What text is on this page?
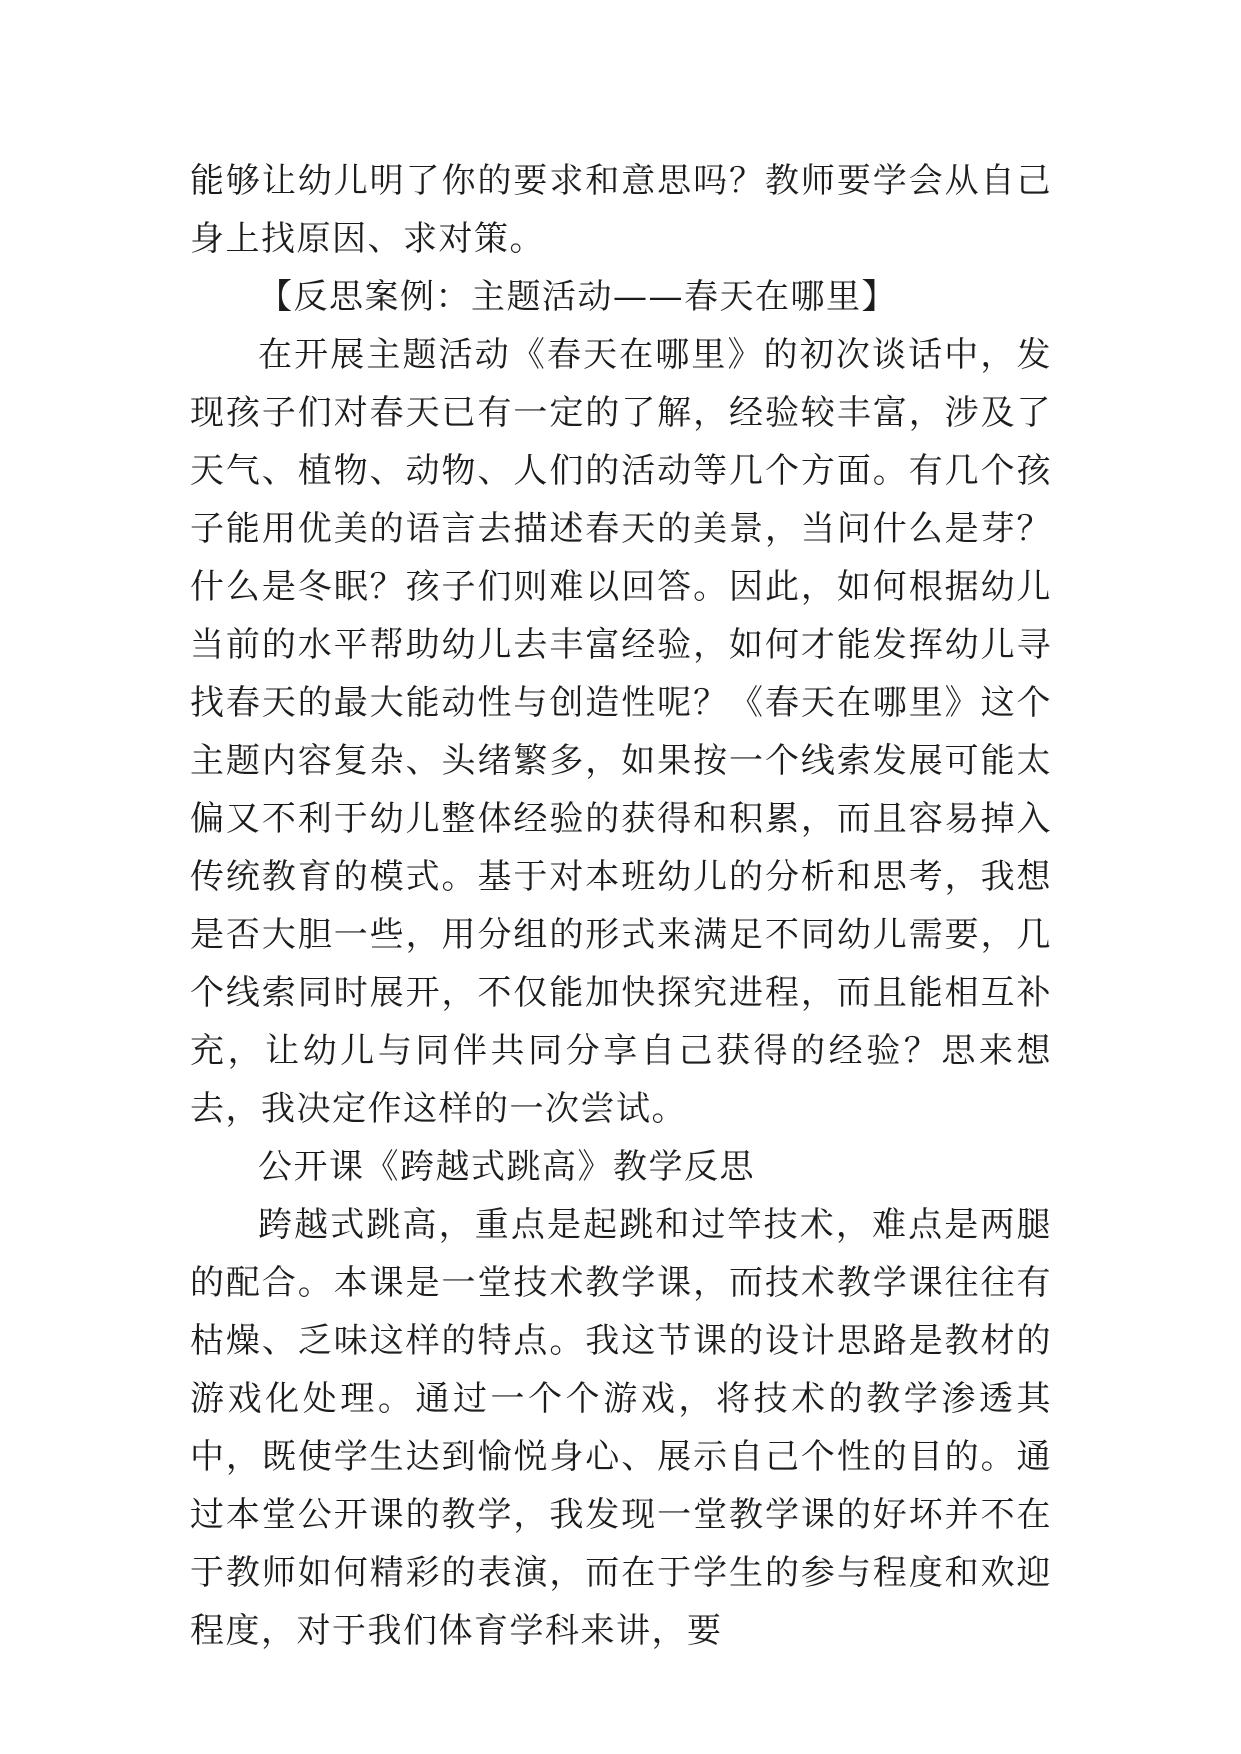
能够让幼儿明了你的要求和意思吗？教师要学会从自己身上找原因、求对策。

【反思案例：主题活动——春天在哪里】

在开展主题活动《春天在哪里》的初次谈话中，发现孩子们对春天已有一定的了解，经验较丰富，涉及了天气、植物、动物、人们的活动等几个方面。有几个孩子能用优美的语言去描述春天的美景，当问什么是芽？什么是冬眠？孩子们则难以回答。因此，如何根据幼儿当前的水平帮助幼儿去丰富经验，如何才能发挥幼儿寻找春天的最大能动性与创造性呢？《春天在哪里》这个主题内容复杂、头绪繁多，如果按一个线索发展可能太偏又不利于幼儿整体经验的获得和积累，而且容易掉入传统教育的模式。基于对本班幼儿的分析和思考，我想是否大胆一些，用分组的形式来满足不同幼儿需要，几个线索同时展开，不仅能加快探究进程，而且能相互补充，让幼儿与同伴共同分享自己获得的经验？思来想去，我决定作这样的一次尝试。

公开课《跨越式跳高》教学反思

跨越式跳高，重点是起跳和过竿技术，难点是两腿的配合。本课是一堂技术教学课，而技术教学课往往有枯燥、乏味这样的特点。我这节课的设计思路是教材的游戏化处理。通过一个个游戏，将技术的教学渗透其中，既使学生达到愉悦身心、展示自己个性的目的。通过本堂公开课的教学，我发现一堂教学课的好坏并不在于教师如何精彩的表演，而在于学生的参与程度和欢迎程度，对于我们体育学科来讲，要
